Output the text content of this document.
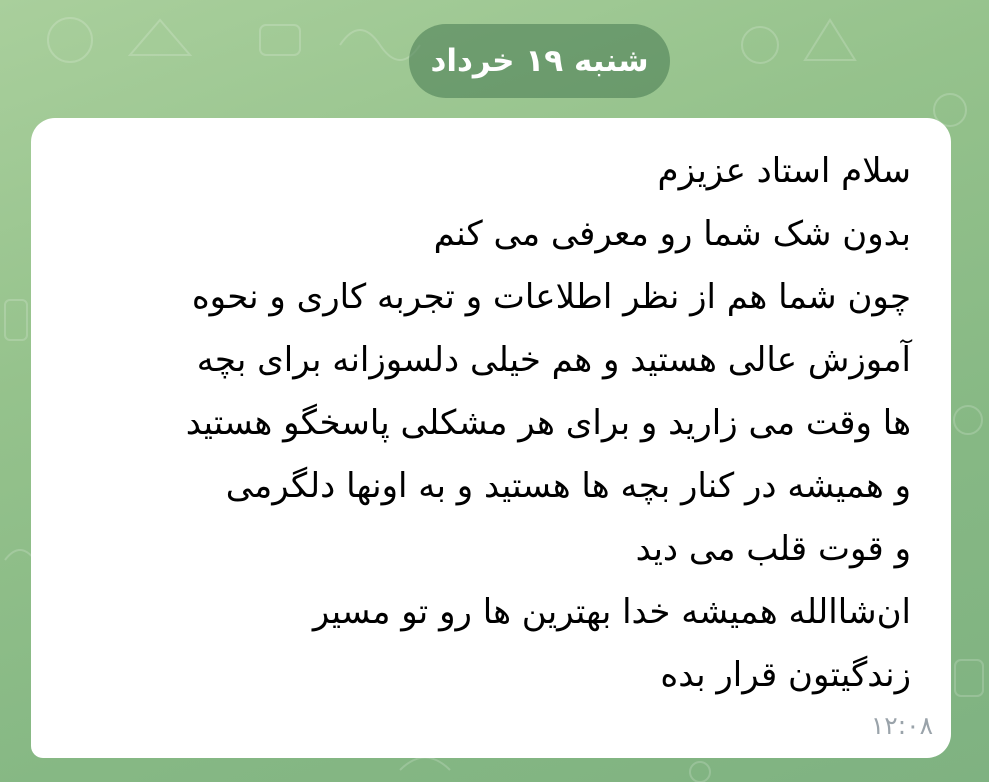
شنبه ۱۹ خرداد
سلام استاد عزیزم
بدون شک شما رو معرفی می کنم
چون شما هم از نظر اطلاعات و تجربه کاری و نحوه
آموزش عالی هستید و هم خیلی دلسوزانه برای بچه
ها وقت می زارید و برای هر مشکلی پاسخگو هستید
و همیشه در کنار بچه ها هستید و به اونها دلگرمی
و قوت قلب می دید
ان‌شاالله همیشه خدا بهترین ها رو تو مسیر
زندگیتون قرار بده
۱۲:۰۸
